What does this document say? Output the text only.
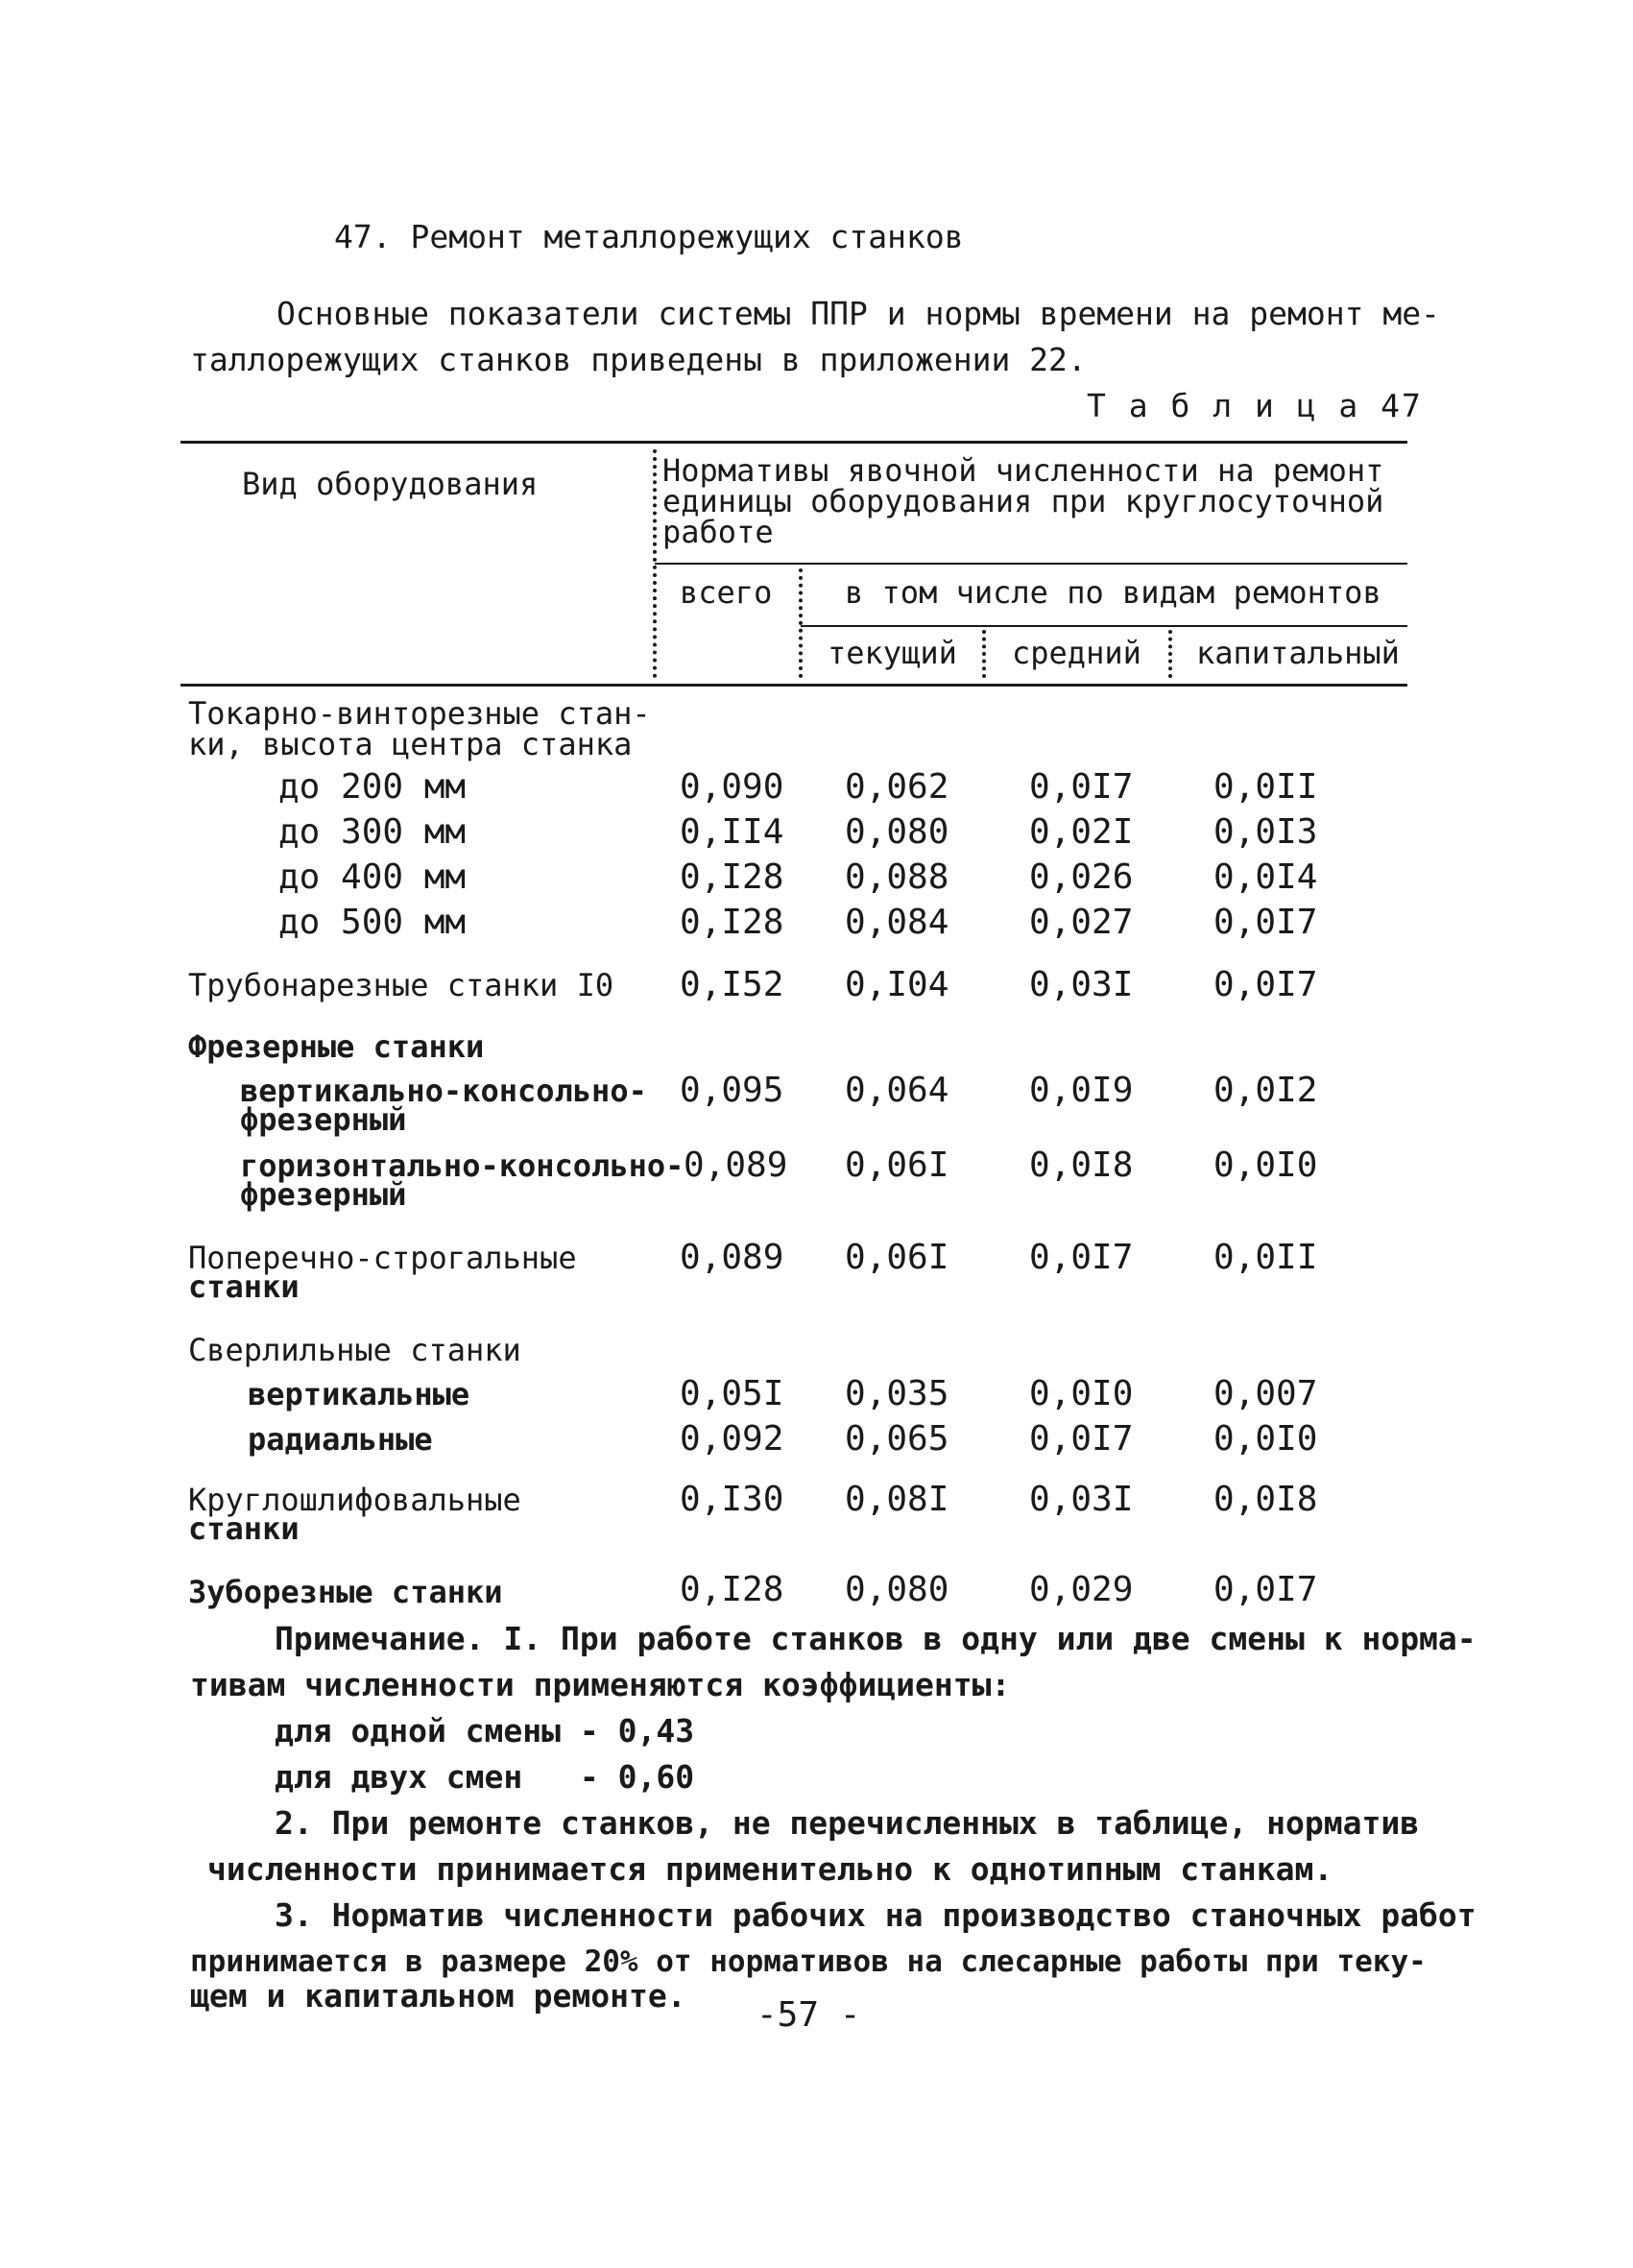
47. Ремонт металлорежущих станков
Основные показатели системы ППР и нормы времени на ремонт ме-
таллорежущих станков приведены в приложении 22.
Т а б л и ц а 47
Вид оборудования	Нормативы явочной численности на ремонт
единицы оборудования при круглосуточной
работе
всего в том числе по видам ремонтов
текущий средний капитальный
Токарно-винторезные стан-
ки, высота центра станка
до 200 мм	0,090 0,062 0,0I7 0,0II
до 300 мм	0,II4 0,080 0,02I 0,0I3
до 400 мм	0,I28 0,088 0,026 0,0I4
до 500 мм	0,I28 0,084 0,027 0,0I7
Трубонарезные станки I0 0,I52 0,I04 0,03I 0,0I7
Фрезерные станки
вертикально-консольно-
фрезерный
0,095 0,064 0,0I9 0,0I2
горизонтально-консольно-
фрезерный
0,089 0,06I 0,0I8 0,0I0
Поперечно-строгальные
станки
0,089 0,06I 0,0I7 0,0II
Сверлильные станки
вертикальные	0,05I 0,035 0,0I0 0,007
радиальные	0,092 0,065 0,0I7 0,0I0
Круглошлифовальные
станки
0,I30 0,08I 0,03I 0,0I8
Зуборезные станки	0,I28 0,080 0,029 0,0I7
Примечание. I. При работе станков в одну или две смены к норма-
тивам численности применяются коэффициенты:
для одной смены - 0,43
для двух смен   - 0,60
2. При ремонте станков, не перечисленных в таблице, норматив
численности принимается применительно к однотипным станкам.
3. Норматив численности рабочих на производство станочных работ
принимается в размере 20% от нормативов на слесарные работы при теку-
щем и капитальном ремонте. -57 -
